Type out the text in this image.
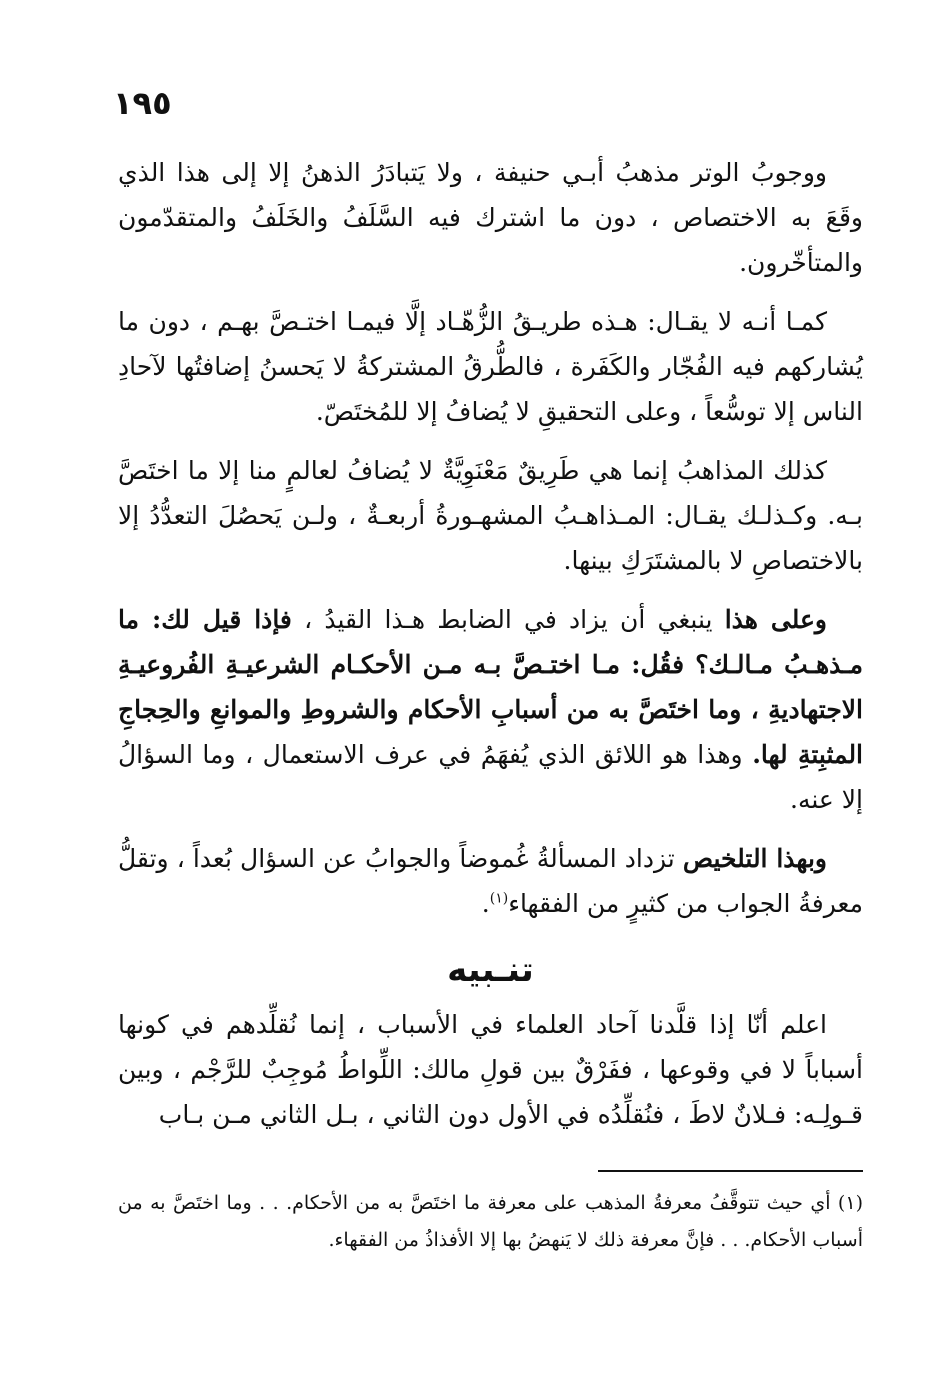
١٩٥

ووجوبُ الوتر مذهبُ أبـي حنيفة ، ولا يَتبادَرُ الذهنُ إلا إلى هذا الذي وقَعَ به الاختصاص ، دون ما اشترك فيه السَّلَفُ والخَلَفُ والمتقدّمون والمتأخّرون.

كمـا أنـه لا يقـال: هـذه طريـقُ الزُّهّـاد إلَّا فيمـا اختـصَّ بهـم ، دون ما يُشاركهم فيه الفُجّار والكَفَرة ، فالطُّرقُ المشتركةُ لا يَحسنُ إضافتُها لآحادِ الناس إلا توسُّعاً ، وعلى التحقيقِ لا يُضافُ إلا للمُختَصّ.

كذلك المذاهبُ إنما هي طَرِيقٌ مَعْنَوِيَّةٌ لا يُضافُ لعالمٍ منا إلا ما اختَصَّ بـه. وكـذلـك يقـال: المـذاهـبُ المشهـورةُ أربعـةٌ ، ولـن يَحصُلَ التعدُّدُ إلا بالاختصاصِ لا بالمشتَرَكِ بينها.

وعلى هذا ينبغي أن يزاد في الضابط هـذا القيدُ ، فإذا قيل لك: ما مـذهـبُ مـالـك؟ فقُل: مـا اختـصَّ بـه مـن الأحكـام الشرعيـةِ الفُروعيـةِ الاجتهاديةِ ، وما اختَصَّ به من أسبابِ الأحكام والشروطِ والموانعِ والحِجاجِ المثبِتةِ لها. وهذا هو اللائق الذي يُفهَمُ في عرف الاستعمال ، وما السؤالُ إلا عنه.

وبهذا التلخيص تزداد المسألةُ غُموضاً والجوابُ عن السؤال بُعداً ، وتقلُّ معرفةُ الجواب من كثيرٍ من الفقهاء$^{(١)}$.

تنـبيه

اعلم أنّا إذا قلَّدنا آحاد العلماء في الأسباب ، إنما نُقلِّدهم في كونها أسباباً لا في وقوعها ، ففَرْقٌ بين قولِ مالك: اللِّواطُ مُوجِبٌ للرَّجْم ، وبين قـولِـه: فـلانٌ لاطَ ، فنُقلِّدُه في الأول دون الثاني ، بـل الثاني مـن بـاب

(١) أي حيث تتوقَّفُ معرفةُ المذهب على معرفة ما اختَصَّ به من الأحكام. . . وما اختَصَّ به من أسباب الأحكام. . . فإنَّ معرفة ذلك لا يَنهضُ بها إلا الأفذاذُ من الفقهاء.
